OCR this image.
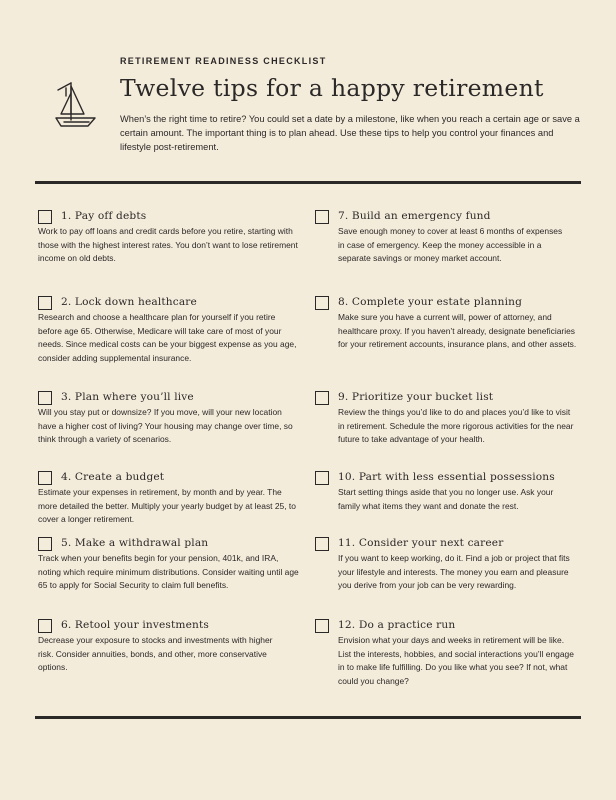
RETIREMENT READINESS CHECKLIST
Twelve tips for a happy retirement
When’s the right time to retire? You could set a date by a milestone, like when you reach a certain age or save a certain amount. The important thing is to plan ahead. Use these tips to help you control your finances and lifestyle post-retirement.
1. Pay off debts
Work to pay off loans and credit cards before you retire, starting with those with the highest interest rates. You don’t want to lose retirement income on old debts.
2. Lock down healthcare
Research and choose a healthcare plan for yourself if you retire before age 65. Otherwise, Medicare will take care of most of your needs. Since medical costs can be your biggest expense as you age, consider adding supplemental insurance.
3. Plan where you’ll live
Will you stay put or downsize? If you move, will your new location have a higher cost of living? Your housing may change over time, so think through a variety of scenarios.
4. Create a budget
Estimate your expenses in retirement, by month and by year. The more detailed the better. Multiply your yearly budget by at least 25, to cover a longer retirement.
5. Make a withdrawal plan
Track when your benefits begin for your pension, 401k, and IRA, noting which require minimum distributions. Consider waiting until age 65 to apply for Social Security to claim full benefits.
6. Retool your investments
Decrease your exposure to stocks and investments with higher risk. Consider annuities, bonds, and other, more conservative options.
7. Build an emergency fund
Save enough money to cover at least 6 months of expenses in case of emergency. Keep the money accessible in a separate savings or money market account.
8. Complete your estate planning
Make sure you have a current will, power of attorney, and healthcare proxy. If you haven’t already, designate beneficiaries for your retirement accounts, insurance plans, and other assets.
9. Prioritize your bucket list
Review the things you’d like to do and places you’d like to visit in retirement. Schedule the more rigorous activities for the near future to take advantage of your health.
10. Part with less essential possessions
Start setting things aside that you no longer use. Ask your family what items they want and donate the rest.
11. Consider your next career
If you want to keep working, do it. Find a job or project that fits your lifestyle and interests. The money you earn and pleasure you derive from your job can be very rewarding.
12. Do a practice run
Envision what your days and weeks in retirement will be like. List the interests, hobbies, and social interactions you’ll engage in to make life fulfilling. Do you like what you see? If not, what could you change?
